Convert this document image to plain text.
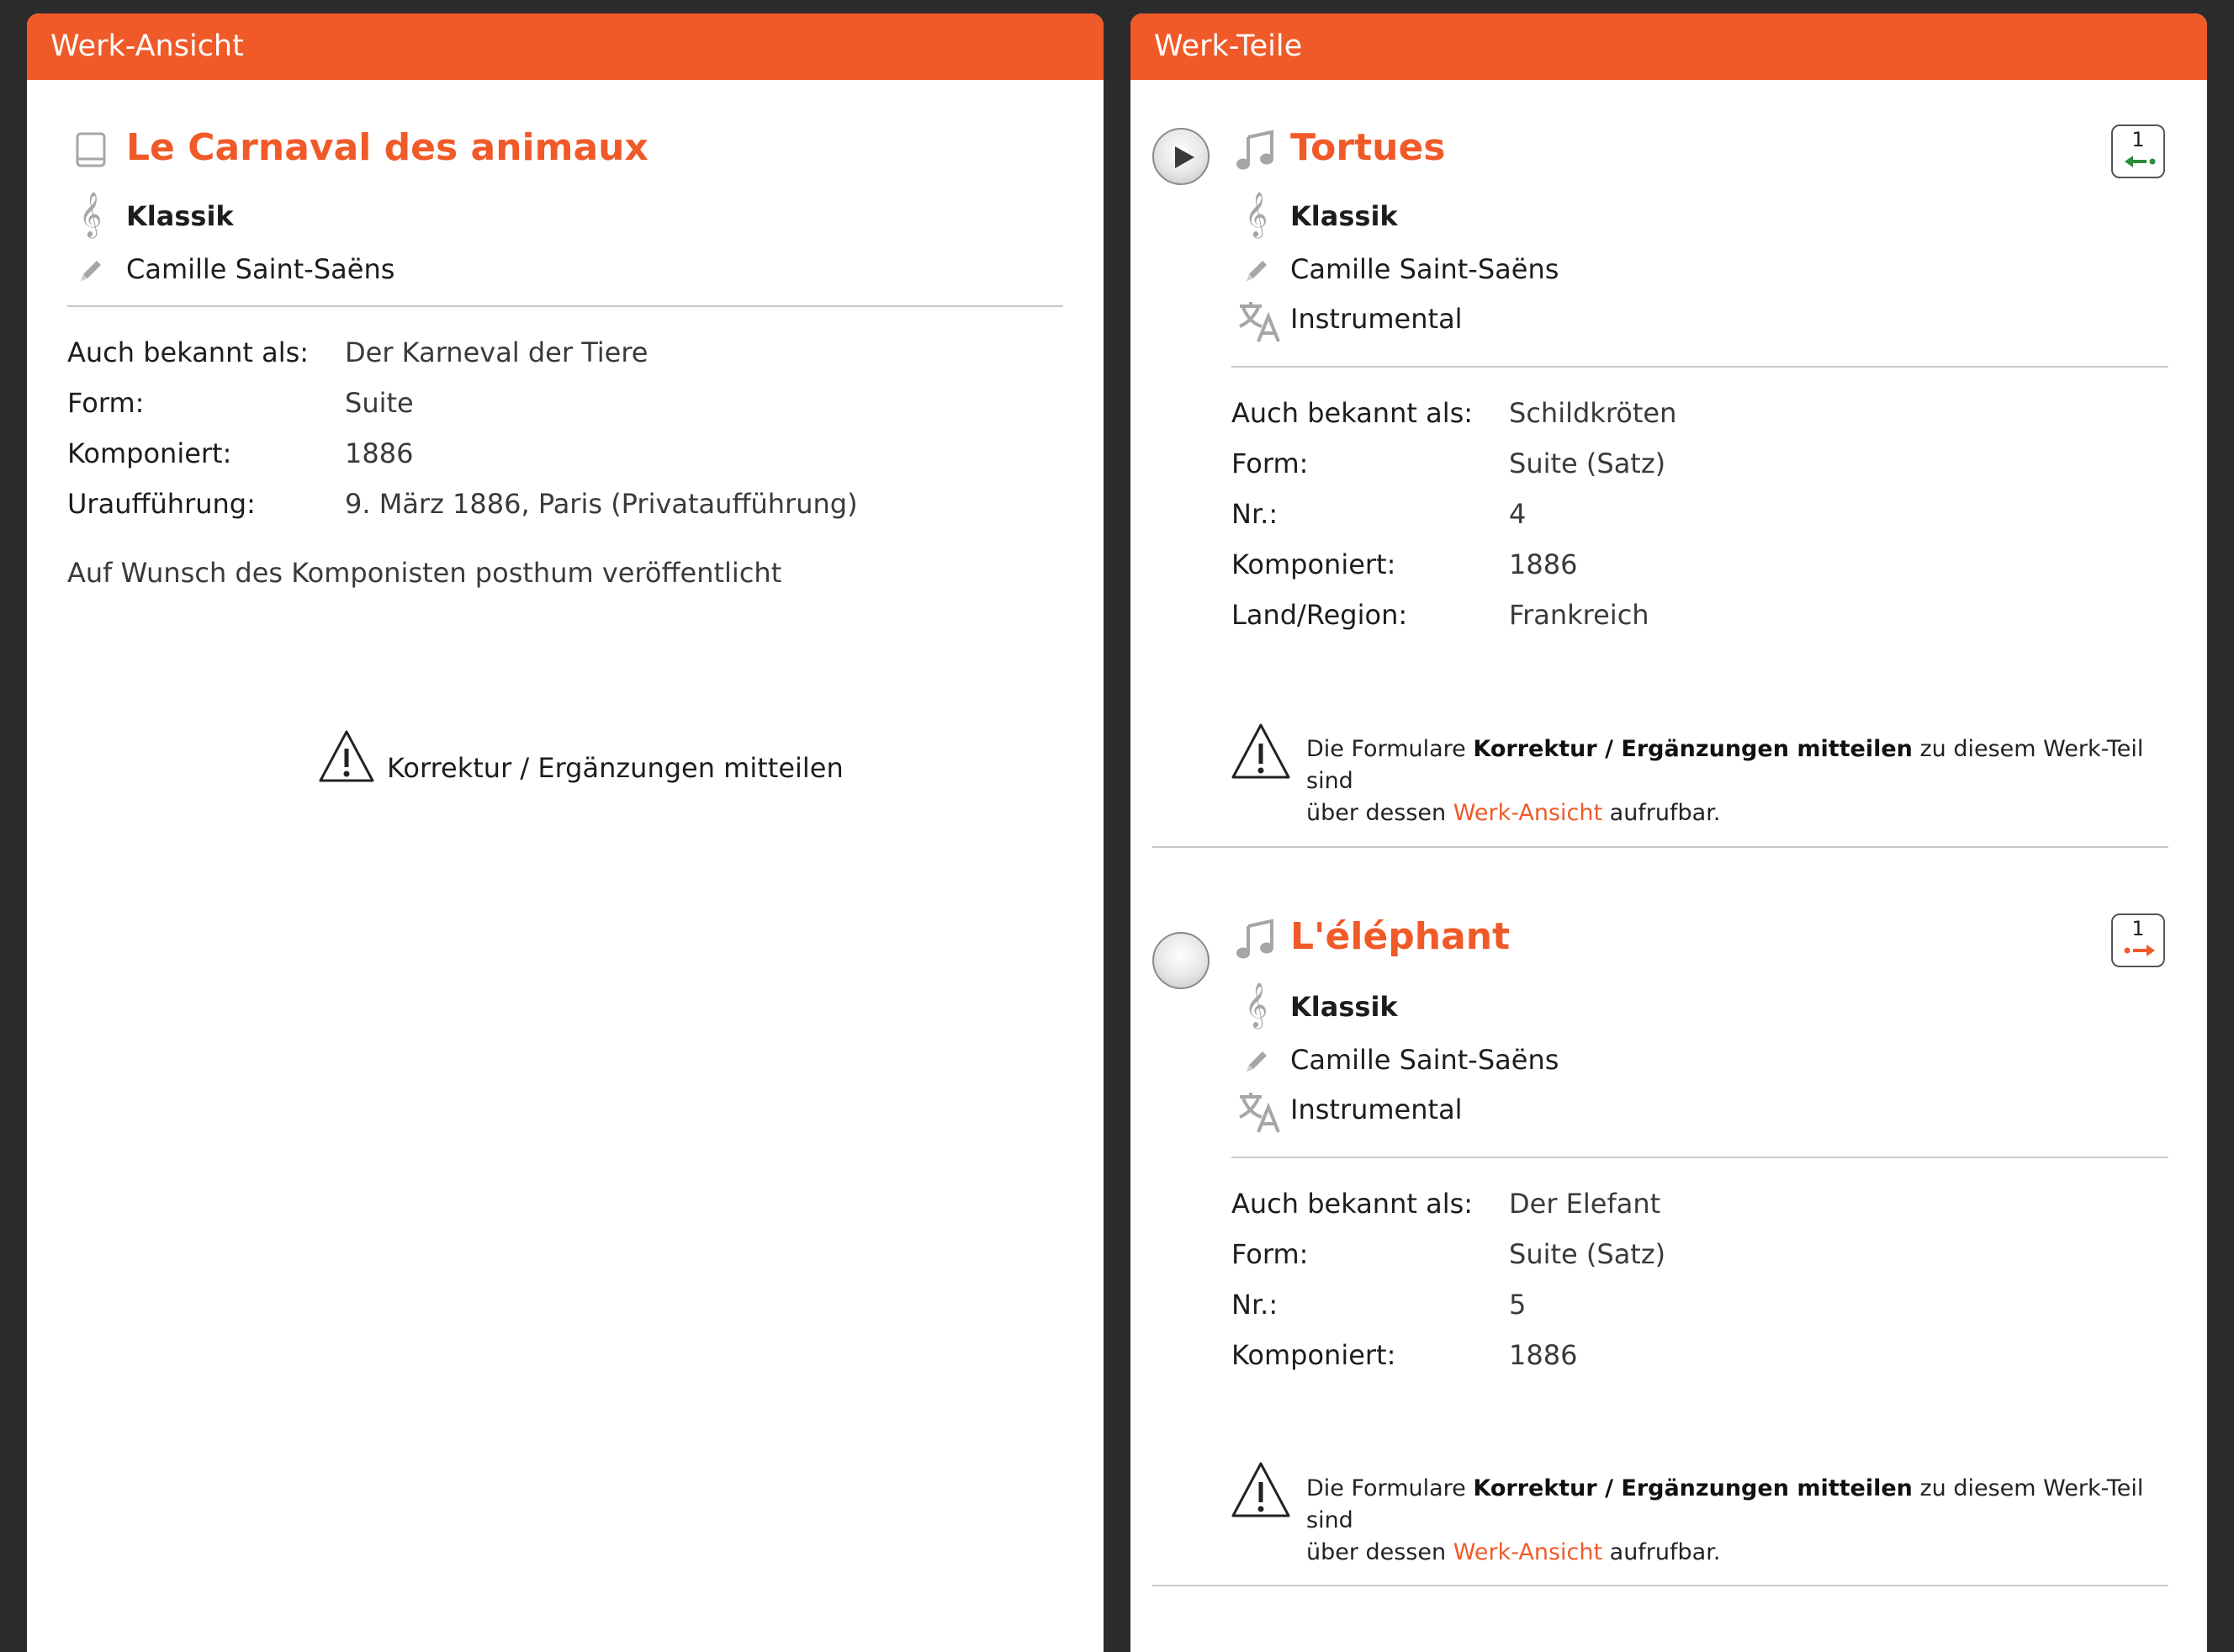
Werk-Ansicht
Le Carnaval des animaux
𝄞 Klassik
Camille Saint-Saëns
Auch bekannt als: Der Karneval der Tiere
Form:	Suite
Komponiert:	1886
Uraufführung:	9. März 1886, Paris (Privataufführung)
Auf Wunsch des Komponisten posthum veröffentlicht
Korrektur / Ergänzungen mitteilen
Werk-Teile
Tortues	1
𝄞 Klassik
Camille Saint-Saëns
Instrumental
Auch bekannt als: Schildkröten
Form:	Suite (Satz)
Nr.:	4
Komponiert:	1886
Land/Region:	Frankreich
Die Formulare Korrektur / Ergänzungen mitteilen zu diesem Werk-Teil sind
über dessen Werk-Ansicht aufrufbar.
L'éléphant	1
𝄞 Klassik
Camille Saint-Saëns
Instrumental
Auch bekannt als: Der Elefant
Form:	Suite (Satz)
Nr.:	5
Komponiert:	1886
Die Formulare Korrektur / Ergänzungen mitteilen zu diesem Werk-Teil sind
über dessen Werk-Ansicht aufrufbar.
